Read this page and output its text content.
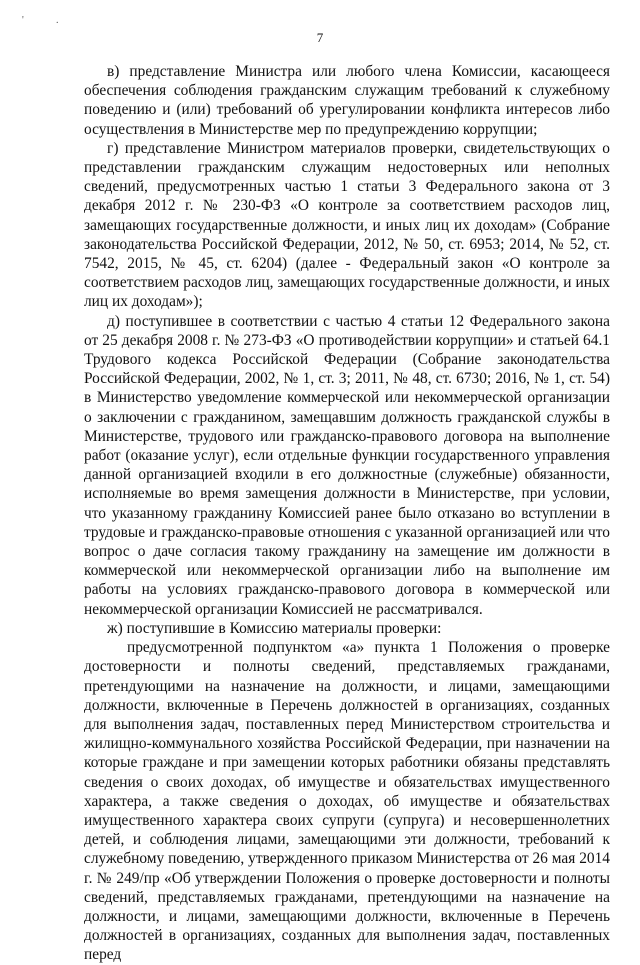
'	.
7

в) представление Министра или любого члена Комиссии, касающееся обеспечения соблюдения гражданским служащим требований к служебному поведению и (или) требований об урегулировании конфликта интересов либо осуществления в Министерстве мер по предупреждению коррупции;

г) представление Министром материалов проверки, свидетельствующих о представлении гражданским служащим недостоверных или неполных сведений, предусмотренных частью 1 статьи 3 Федерального закона от 3 декабря 2012 г. № 230-ФЗ «О контроле за соответствием расходов лиц, замещающих государственные должности, и иных лиц их доходам» (Собрание законодательства Российской Федерации, 2012, № 50, ст. 6953; 2014, № 52, ст. 7542, 2015, № 45, ст. 6204) (далее - Федеральный закон «О контроле за соответствием расходов лиц, замещающих государственные должности, и иных лиц их доходам»);

д) поступившее в соответствии с частью 4 статьи 12 Федерального закона от 25 декабря 2008 г. № 273-ФЗ «О противодействии коррупции» и статьей 64.1 Трудового кодекса Российской Федерации (Собрание законодательства Российской Федерации, 2002, № 1, ст. 3; 2011, № 48, ст. 6730; 2016, № 1, ст. 54) в Министерство уведомление коммерческой или некоммерческой организации о заключении с гражданином, замещавшим должность гражданской службы в Министерстве, трудового или гражданско-правового договора на выполнение работ (оказание услуг), если отдельные функции государственного управления данной организацией входили в его должностные (служебные) обязанности, исполняемые во время замещения должности в Министерстве, при условии, что указанному гражданину Комиссией ранее было отказано во вступлении в трудовые и гражданско-правовые отношения с указанной организацией или что вопрос о даче согласия такому гражданину на замещение им должности в коммерческой или некоммерческой организации либо на выполнение им работы на условиях гражданско-правового договора в коммерческой или некоммерческой организации Комиссией не рассматривался.

ж) поступившие в Комиссию материалы проверки:

предусмотренной подпунктом «а» пункта 1 Положения о проверке достоверности и полноты сведений, представляемых гражданами, претендующими на назначение на должности, и лицами, замещающими должности, включенные в Перечень должностей в организациях, созданных для выполнения задач, поставленных перед Министерством строительства и жилищно-коммунального хозяйства Российской Федерации, при назначении на которые граждане и при замещении которых работники обязаны представлять сведения о своих доходах, об имуществе и обязательствах имущественного характера, а также сведения о доходах, об имуществе и обязательствах имущественного характера своих супруги (супруга) и несовершеннолетних детей, и соблюдения лицами, замещающими эти должности, требований к служебному поведению, утвержденного приказом Министерства от 26 мая 2014 г. № 249/пр «Об утверждении Положения о проверке достоверности и полноты сведений, представляемых гражданами, претендующими на назначение на должности, и лицами, замещающими должности, включенные в Перечень должностей в организациях, созданных для выполнения задач, поставленных перед
